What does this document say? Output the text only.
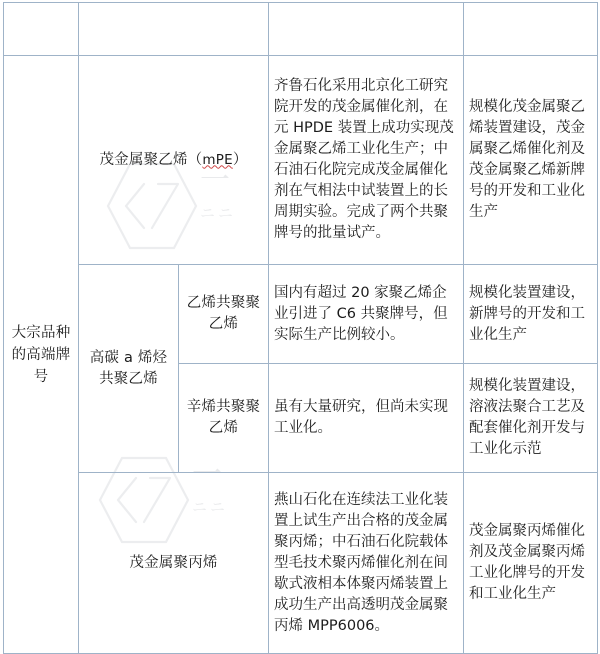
一
ニニ
一
ニニ
分类	重点产品		当前国内技术情况	未来建设目标和内容
大宗品种的高端牌号	茂金属聚乙烯（mPE）		齐鲁石化采用北京化工研究院开发的茂金属催化剂，在元 HPDE 装置上成功实现茂金属聚乙烯工业化生产；中石油石化院完成茂金属催化剂在气相法中试装置上的长周期实验。完成了两个共聚牌号的批量试产。	规模化茂金属聚乙烯装置建设，茂金属聚乙烯催化剂及茂金属聚乙烯新牌号的开发和工业化生产
	高碳 a 烯烃共聚乙烯	乙烯共聚聚乙烯	国内有超过 20 家聚乙烯企业引进了 C6 共聚牌号，但实际生产比例较小。	规模化装置建设，新牌号的开发和工业化生产
		辛烯共聚聚乙烯	虽有大量研究，但尚未实现工业化。	规模化装置建设，溶液法聚合工艺及配套催化剂开发与工业化示范
	茂金属聚丙烯		燕山石化在连续法工业化装置上试生产出合格的茂金属聚丙烯；中石油石化院载体型毛技术聚丙烯催化剂在间歇式液相本体聚丙烯装置上成功生产出高透明茂金属聚丙烯 MPP6006。	茂金属聚丙烯催化剂及茂金属聚丙烯工业化牌号的开发和工业化生产
